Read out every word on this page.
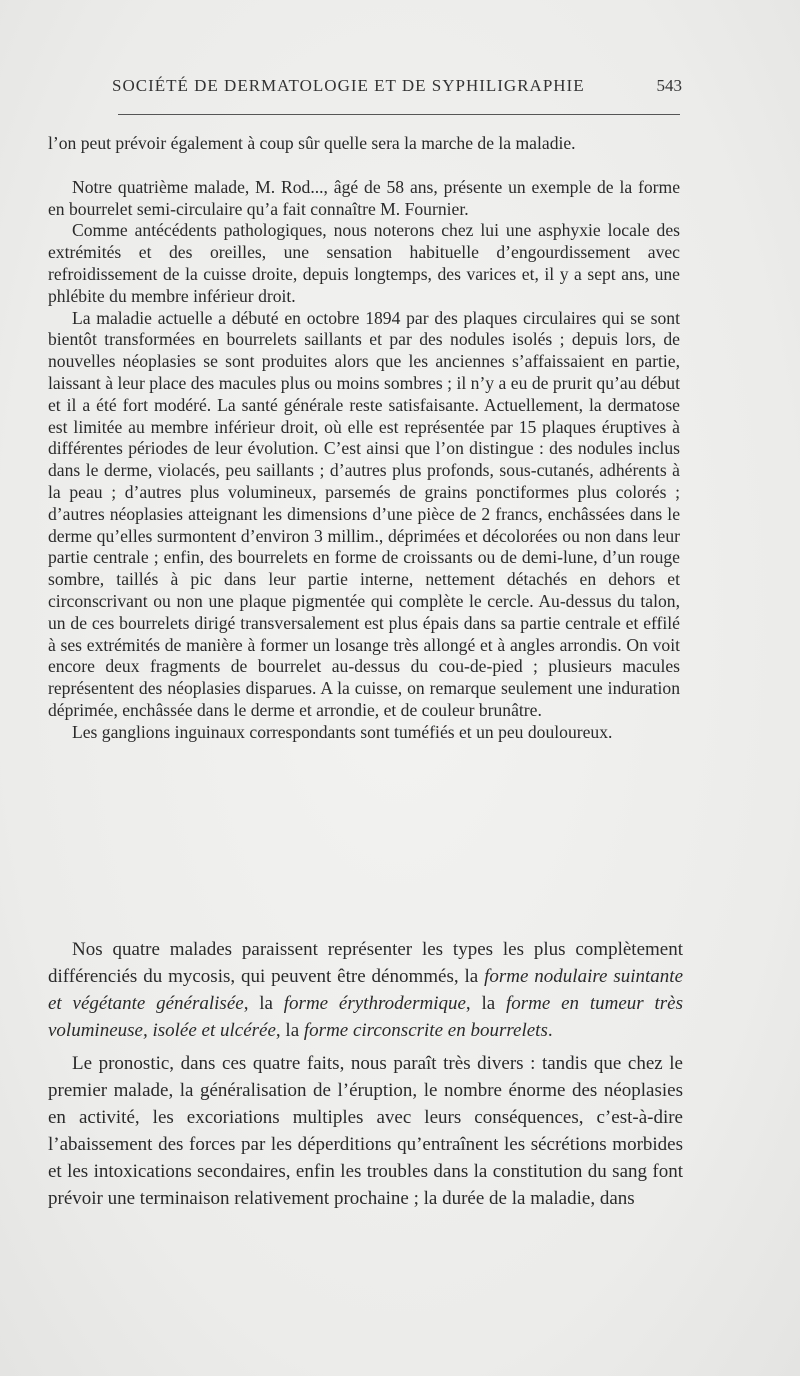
SOCIÉTÉ DE DERMATOLOGIE ET DE SYPHILIGRAPHIE	543

l’on peut prévoir également à coup sûr quelle sera la marche de la maladie.

Notre quatrième malade, M. Rod..., âgé de 58 ans, présente un exemple de la forme en bourrelet semi-circulaire qu’a fait connaître M. Fournier.

Comme antécédents pathologiques, nous noterons chez lui une asphyxie locale des extrémités et des oreilles, une sensation habituelle d’engourdissement avec refroidissement de la cuisse droite, depuis longtemps, des varices et, il y a sept ans, une phlébite du membre inférieur droit.

La maladie actuelle a débuté en octobre 1894 par des plaques circulaires qui se sont bientôt transformées en bourrelets saillants et par des nodules isolés ; depuis lors, de nouvelles néoplasies se sont produites alors que les anciennes s’affaissaient en partie, laissant à leur place des macules plus ou moins sombres ; il n’y a eu de prurit qu’au début et il a été fort modéré. La santé générale reste satisfaisante. Actuellement, la dermatose est limitée au membre inférieur droit, où elle est représentée par 15 plaques éruptives à différentes périodes de leur évolution. C’est ainsi que l’on distingue : des nodules inclus dans le derme, violacés, peu saillants ; d’autres plus profonds, sous-cutanés, adhérents à la peau ; d’autres plus volumineux, parsemés de grains ponctiformes plus colorés ; d’autres néoplasies atteignant les dimensions d’une pièce de 2 francs, enchâssées dans le derme qu’elles surmontent d’environ 3 millim., déprimées et décolorées ou non dans leur partie centrale ; enfin, des bourrelets en forme de croissants ou de demi-lune, d’un rouge sombre, taillés à pic dans leur partie interne, nettement détachés en dehors et circonscrivant ou non une plaque pigmentée qui complète le cercle. Au-dessus du talon, un de ces bourrelets dirigé transversalement est plus épais dans sa partie centrale et effilé à ses extrémités de manière à former un losange très allongé et à angles arrondis. On voit encore deux fragments de bourrelet au-dessus du cou-de-pied ; plusieurs macules représentent des néoplasies disparues. A la cuisse, on remarque seulement une induration déprimée, enchâssée dans le derme et arrondie, et de couleur brunâtre.

Les ganglions inguinaux correspondants sont tuméfiés et un peu douloureux.

Nos quatre malades paraissent représenter les types les plus complètement différenciés du mycosis, qui peuvent être dénommés, la forme nodulaire suintante et végétante généralisée, la forme érythrodermique, la forme en tumeur très volumineuse, isolée et ulcérée, la forme circonscrite en bourrelets.

Le pronostic, dans ces quatre faits, nous paraît très divers : tandis que chez le premier malade, la généralisation de l’éruption, le nombre énorme des néoplasies en activité, les excoriations multiples avec leurs conséquences, c’est-à-dire l’abaissement des forces par les déperditions qu’entraînent les sécrétions morbides et les intoxications secondaires, enfin les troubles dans la constitution du sang font prévoir une terminaison relativement prochaine ; la durée de la maladie, dans
